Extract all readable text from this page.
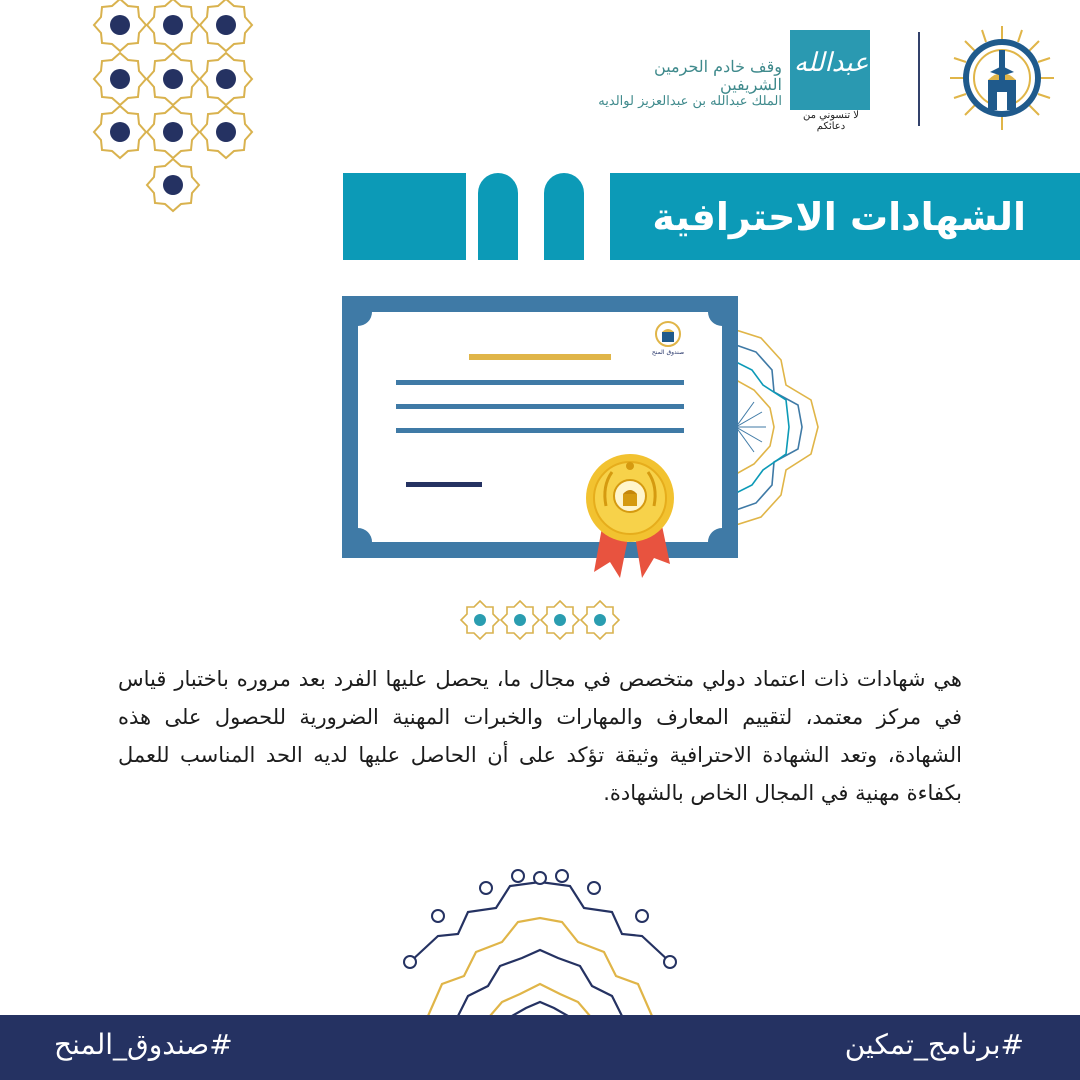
وقف خادم الحرمين الشريفين
الملك عبدالله بن عبدالعزيز لوالديه
عبدالله
لا تنسوني من دعائكم
الشهادات الاحترافية
صندوق المنح
هي شهادات ذات اعتماد دولي متخصص في مجال ما، يحصل عليها الفرد بعد مروره باختبار قياس في مركز معتمد، لتقييم المعارف والمهارات والخبرات المهنية الضرورية للحصول على هذه الشهادة، وتعد الشهادة الاحترافية وثيقة تؤكد على أن الحاصل عليها لديه الحد المناسب للعمل بكفاءة مهنية في المجال الخاص بالشهادة.
#برنامج_تمكين
#صندوق_المنح
